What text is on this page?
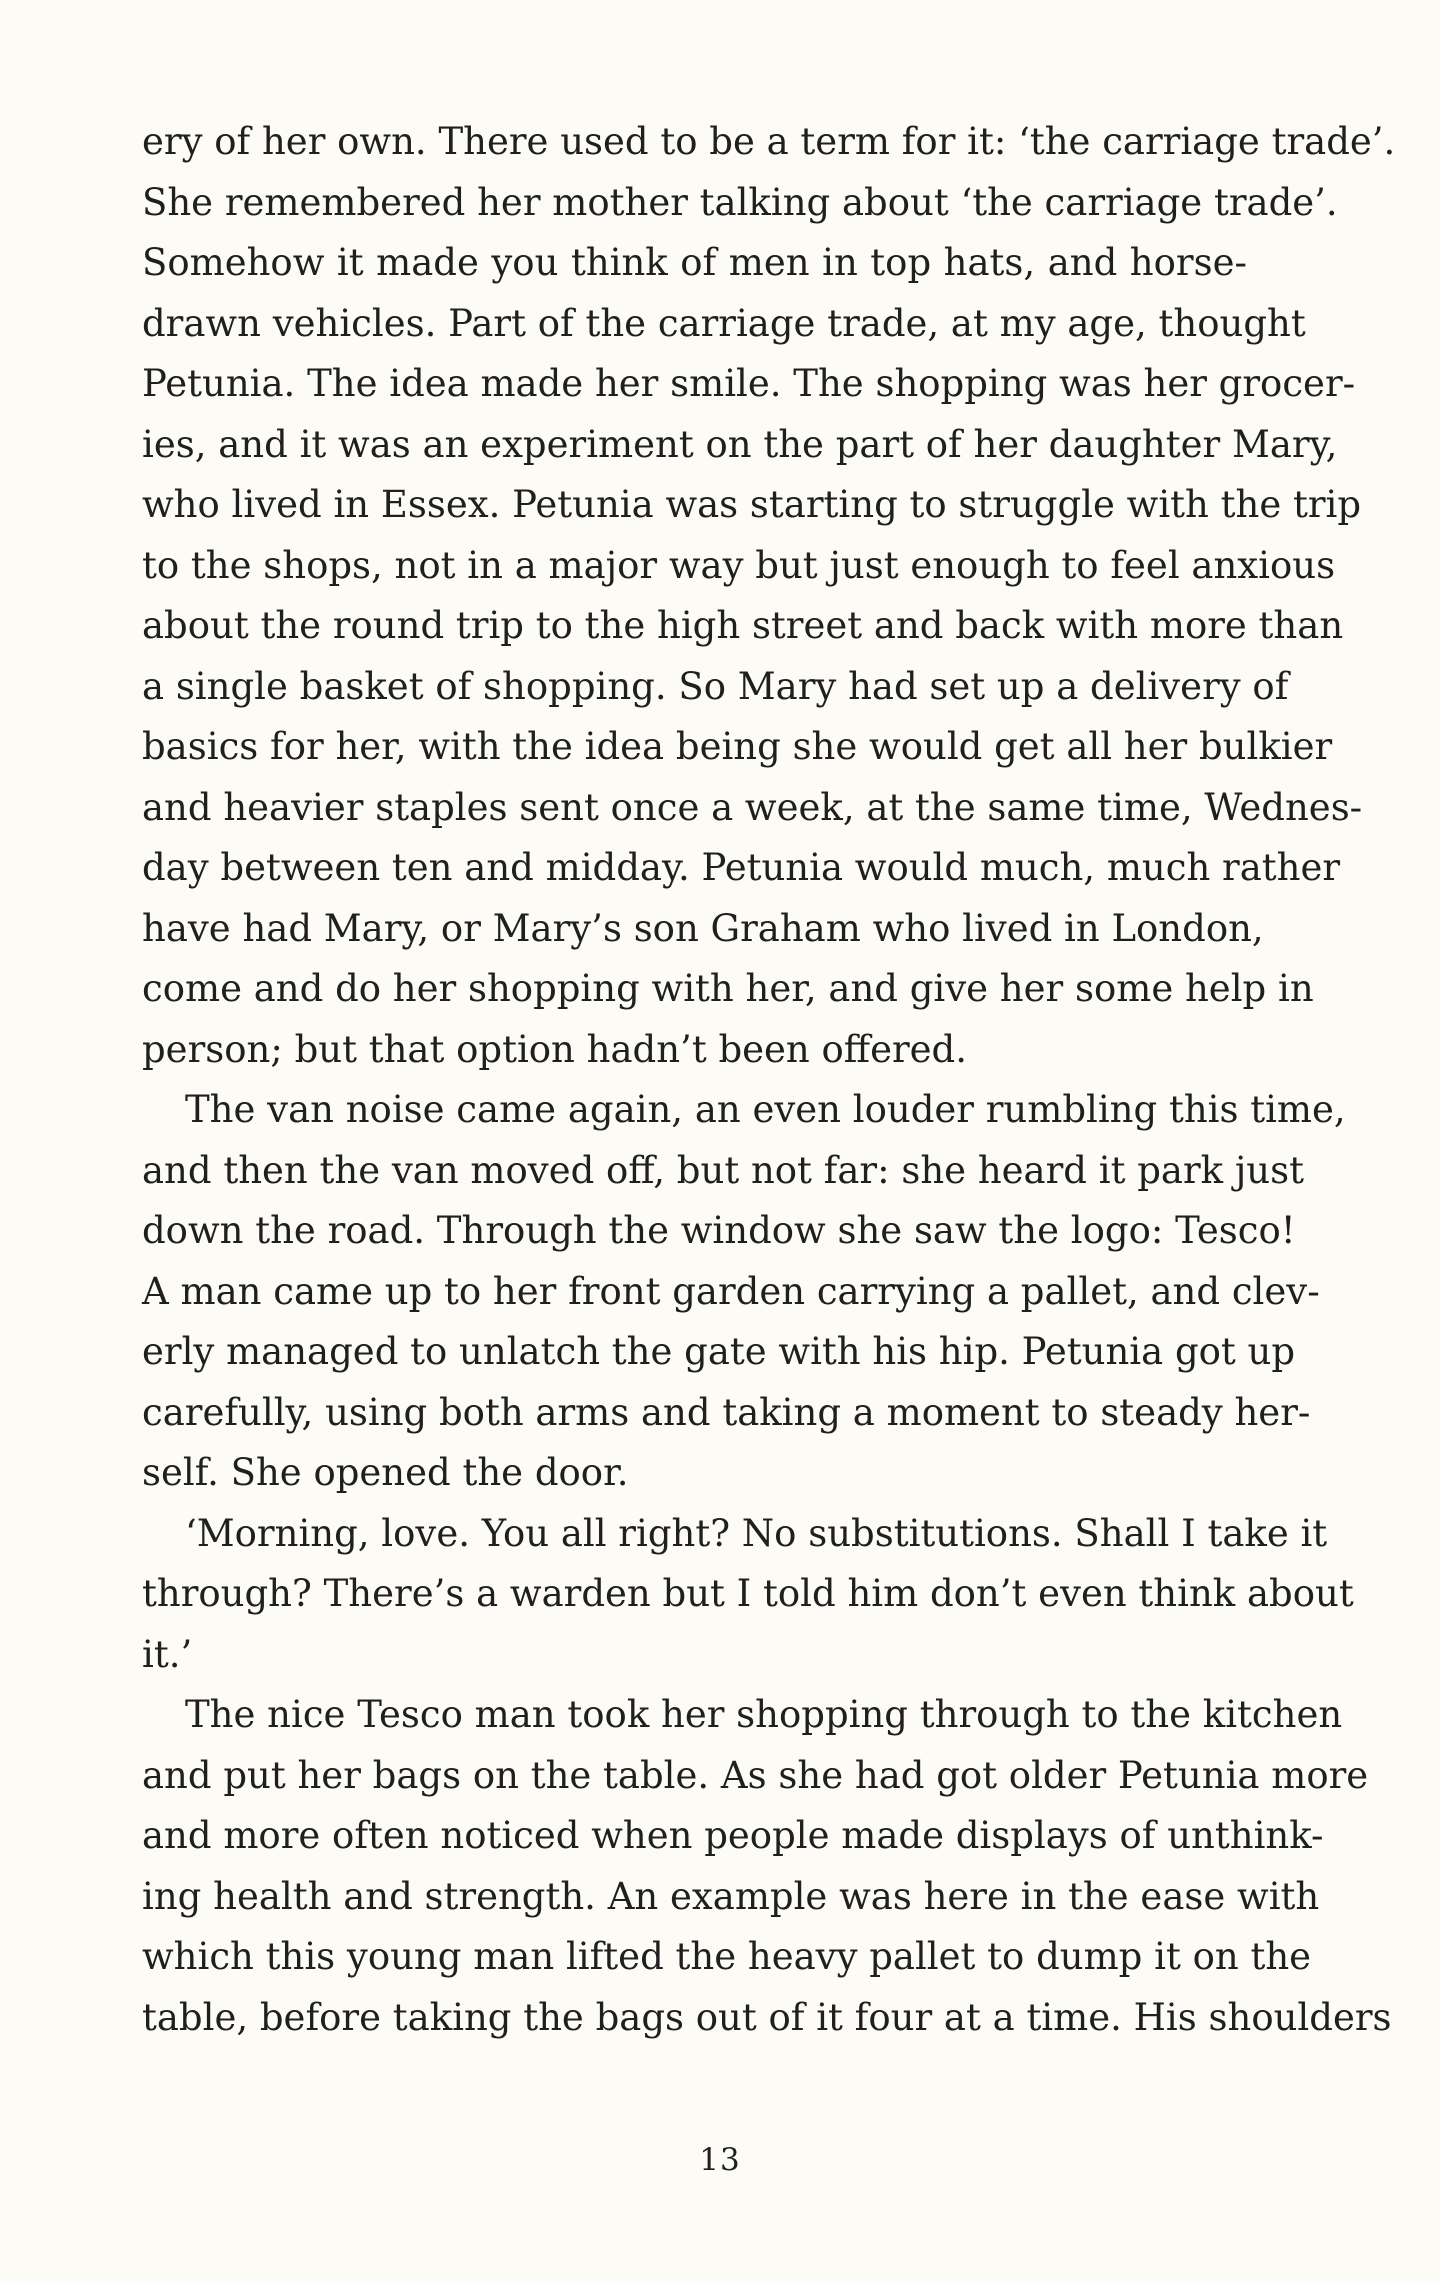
ery of her own. There used to be a term for it: ‘the carriage trade’.
She remembered her mother talking about ‘the carriage trade’.
Somehow it made you think of men in top hats, and horse-
drawn vehicles. Part of the carriage trade, at my age, thought
Petunia. The idea made her smile. The shopping was her grocer-
ies, and it was an experiment on the part of her daughter Mary,
who lived in Essex. Petunia was starting to struggle with the trip
to the shops, not in a major way but just enough to feel anxious
about the round trip to the high street and back with more than
a single basket of shopping. So Mary had set up a delivery of
basics for her, with the idea being she would get all her bulkier
and heavier staples sent once a week, at the same time, Wednes-
day between ten and midday. Petunia would much, much rather
have had Mary, or Mary’s son Graham who lived in London,
come and do her shopping with her, and give her some help in
person; but that option hadn’t been offered.
The van noise came again, an even louder rumbling this time,
and then the van moved off, but not far: she heard it park just
down the road. Through the window she saw the logo: Tesco!
A man came up to her front garden carrying a pallet, and clev-
erly managed to unlatch the gate with his hip. Petunia got up
carefully, using both arms and taking a moment to steady her-
self. She opened the door.
‘Morning, love. You all right? No substitutions. Shall I take it
through? There’s a warden but I told him don’t even think about
it.’
The nice Tesco man took her shopping through to the kitchen
and put her bags on the table. As she had got older Petunia more
and more often noticed when people made displays of unthink-
ing health and strength. An example was here in the ease with
which this young man lifted the heavy pallet to dump it on the
table, before taking the bags out of it four at a time. His shoulders
13
